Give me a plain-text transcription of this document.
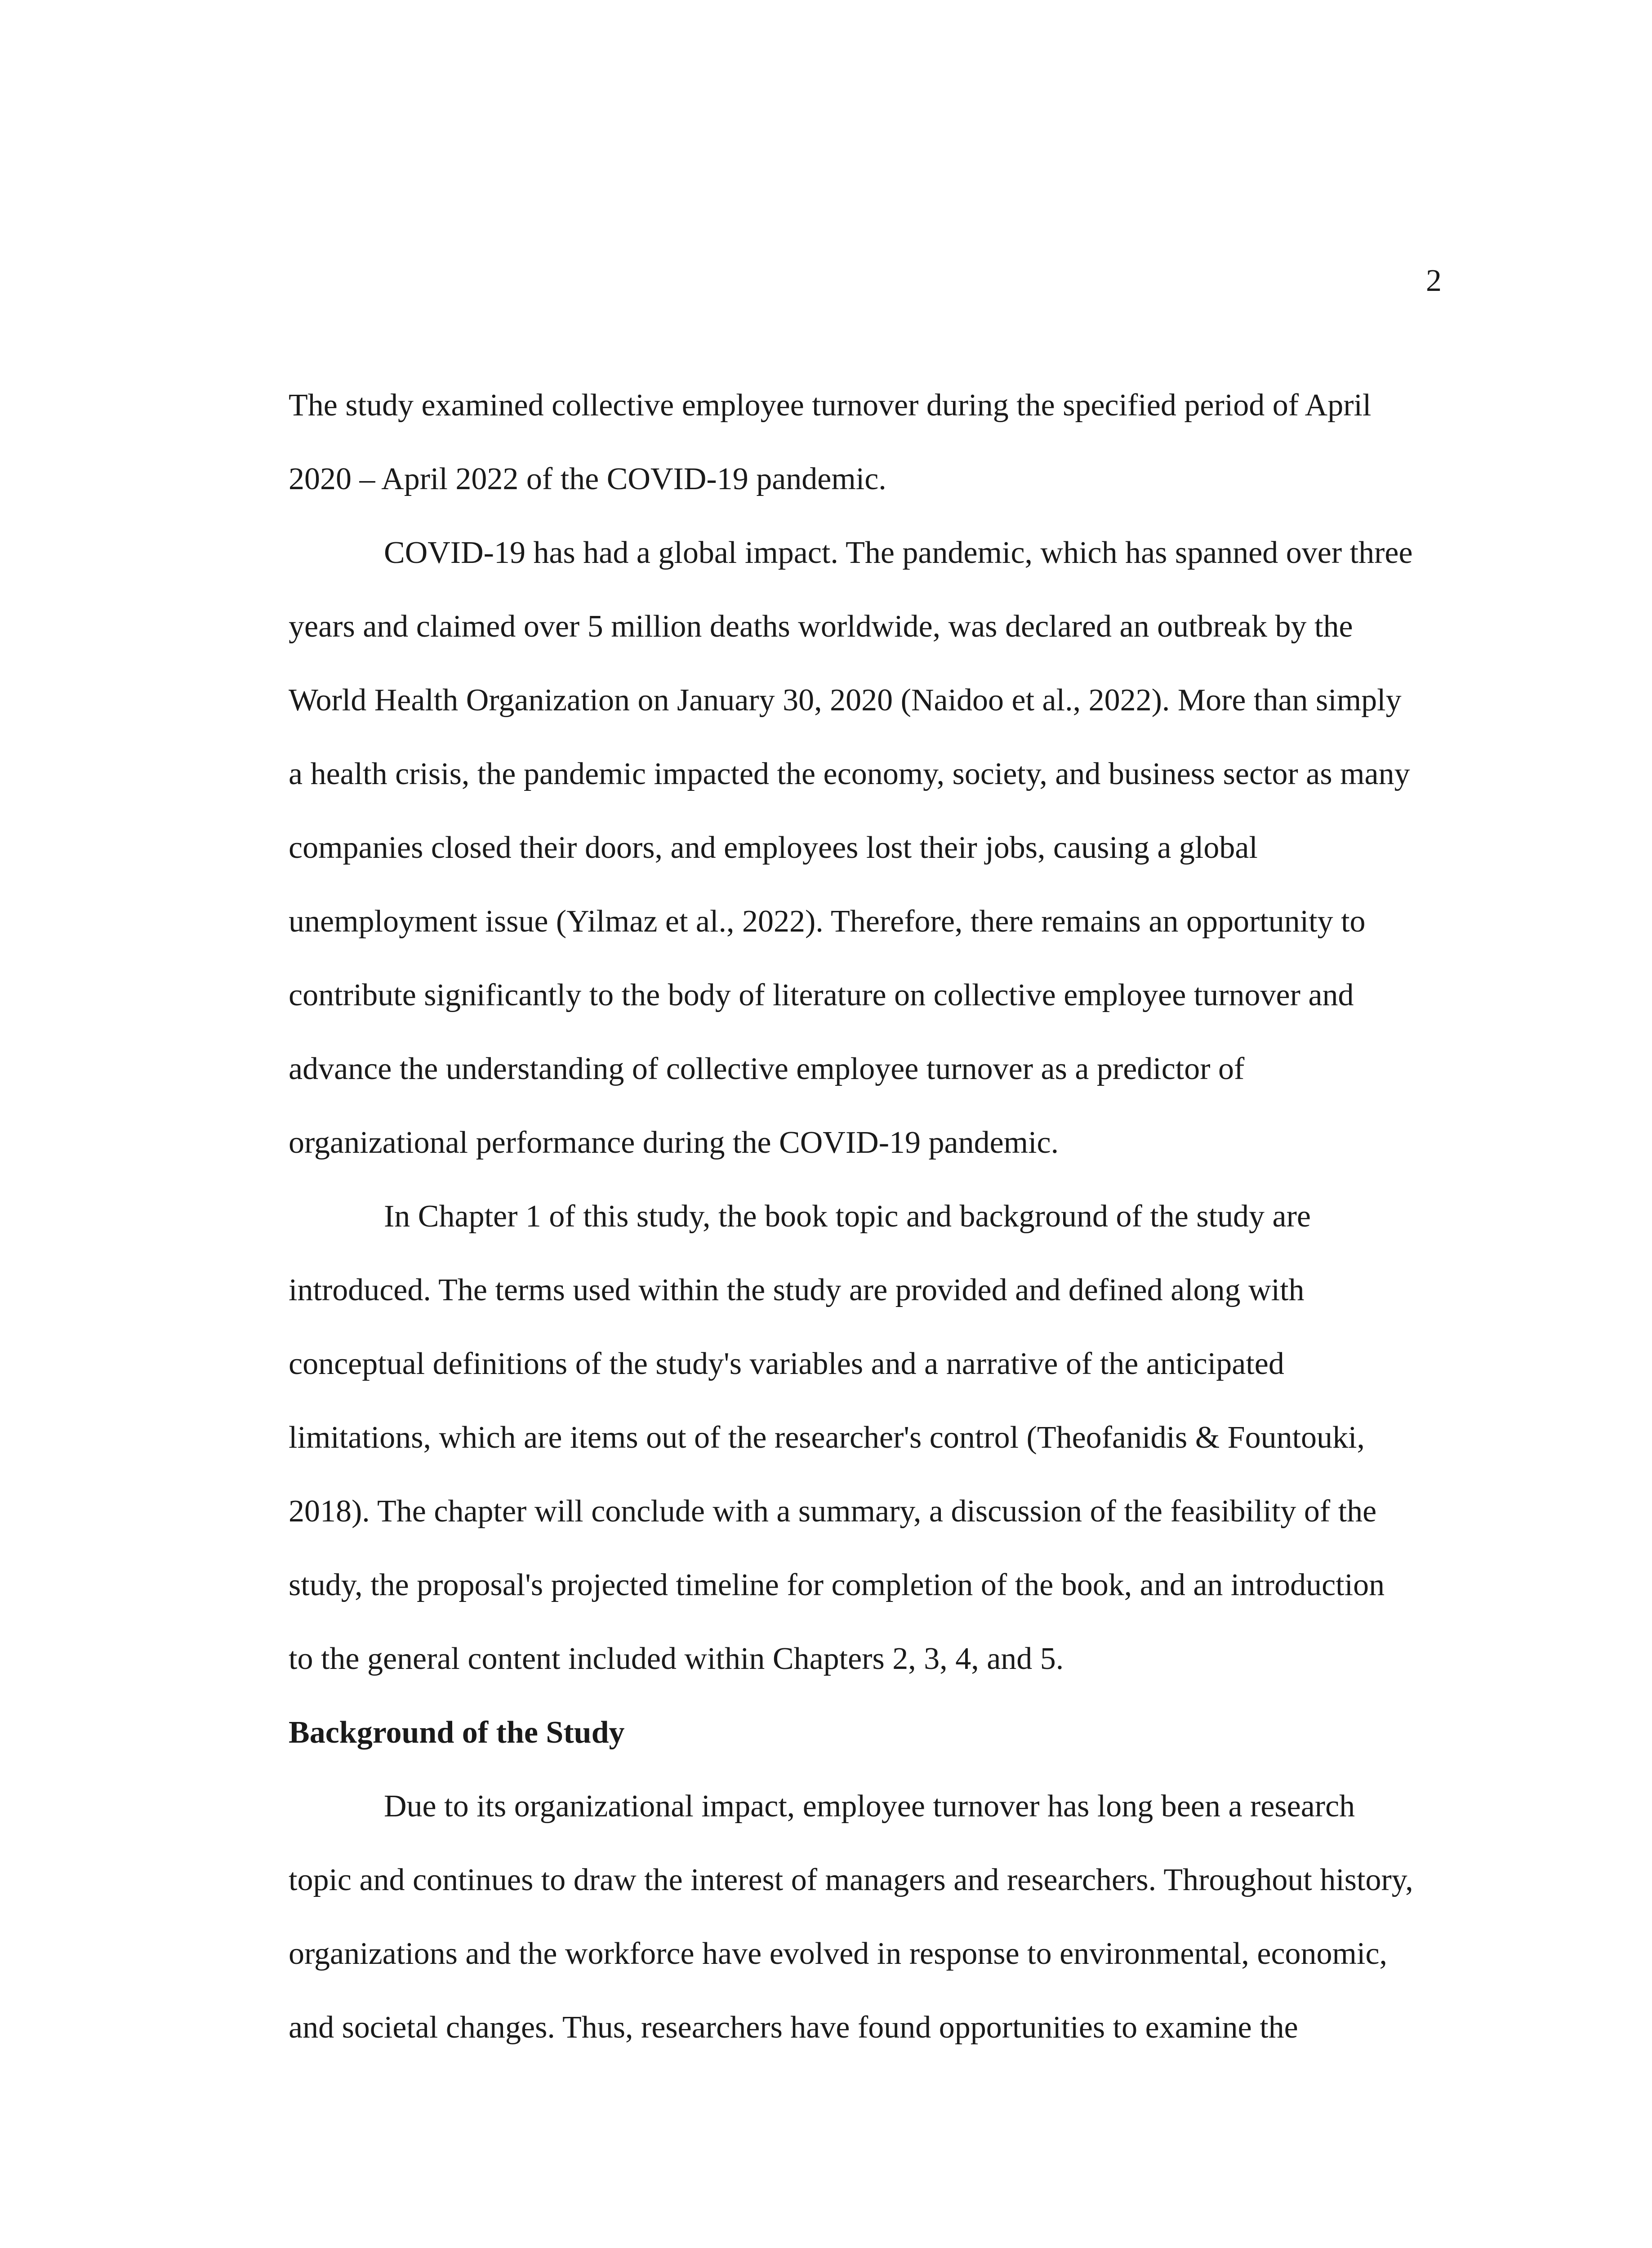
2

The study examined collective employee turnover during the specified period of April
2020 – April 2022 of the COVID-19 pandemic.

COVID-19 has had a global impact. The pandemic, which has spanned over three
years and claimed over 5 million deaths worldwide, was declared an outbreak by the
World Health Organization on January 30, 2020 (Naidoo et al., 2022). More than simply
a health crisis, the pandemic impacted the economy, society, and business sector as many
companies closed their doors, and employees lost their jobs, causing a global
unemployment issue (Yilmaz et al., 2022). Therefore, there remains an opportunity to
contribute significantly to the body of literature on collective employee turnover and
advance the understanding of collective employee turnover as a predictor of
organizational performance during the COVID-19 pandemic.

In Chapter 1 of this study, the book topic and background of the study are
introduced. The terms used within the study are provided and defined along with
conceptual definitions of the study's variables and a narrative of the anticipated
limitations, which are items out of the researcher's control (Theofanidis & Fountouki,
2018). The chapter will conclude with a summary, a discussion of the feasibility of the
study, the proposal's projected timeline for completion of the book, and an introduction
to the general content included within Chapters 2, 3, 4, and 5.

Background of the Study

Due to its organizational impact, employee turnover has long been a research
topic and continues to draw the interest of managers and researchers. Throughout history,
organizations and the workforce have evolved in response to environmental, economic,
and societal changes. Thus, researchers have found opportunities to examine the
